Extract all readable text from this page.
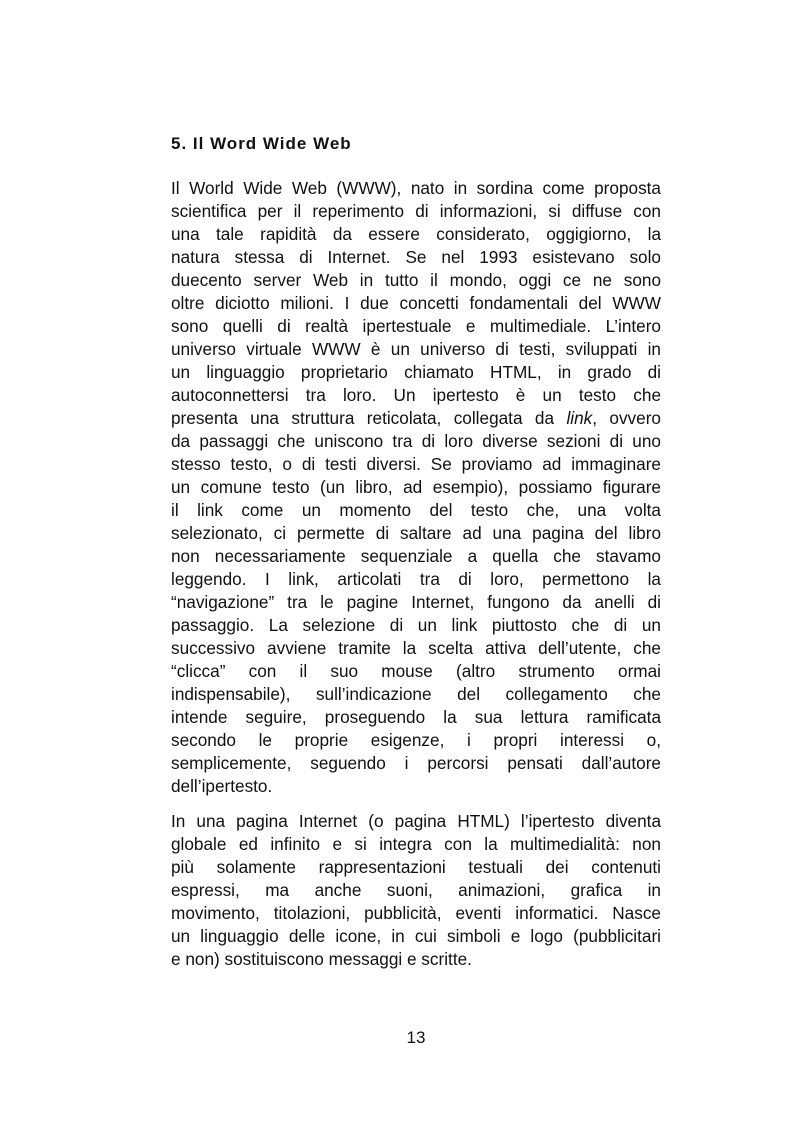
5. Il Word Wide Web
Il World Wide Web (WWW), nato in sordina come proposta
scientifica per il reperimento di informazioni, si diffuse con
una tale rapidità da essere considerato, oggigiorno, la
natura stessa di Internet. Se nel 1993 esistevano solo
duecento server Web in tutto il mondo, oggi ce ne sono
oltre diciotto milioni. I due concetti fondamentali del WWW
sono quelli di realtà ipertestuale e multimediale. L’intero
universo virtuale WWW è un universo di testi, sviluppati in
un linguaggio proprietario chiamato HTML, in grado di
autoconnettersi tra loro. Un ipertesto è un testo che
presenta una struttura reticolata, collegata da link, ovvero
da passaggi che uniscono tra di loro diverse sezioni di uno
stesso testo, o di testi diversi. Se proviamo ad immaginare
un comune testo (un libro, ad esempio), possiamo figurare
il link come un momento del testo che, una volta
selezionato, ci permette di saltare ad una pagina del libro
non necessariamente sequenziale a quella che stavamo
leggendo. I link, articolati tra di loro, permettono la
“navigazione” tra le pagine Internet, fungono da anelli di
passaggio. La selezione di un link piuttosto che di un
successivo avviene tramite la scelta attiva dell’utente, che
“clicca” con il suo mouse (altro strumento ormai
indispensabile), sull’indicazione del collegamento che
intende seguire, proseguendo la sua lettura ramificata
secondo le proprie esigenze, i propri interessi o,
semplicemente, seguendo i percorsi pensati dall’autore
dell’ipertesto.
In una pagina Internet (o pagina HTML) l’ipertesto diventa
globale ed infinito e si integra con la multimedialità: non
più solamente rappresentazioni testuali dei contenuti
espressi, ma anche suoni, animazioni, grafica in
movimento, titolazioni, pubblicità, eventi informatici. Nasce
un linguaggio delle icone, in cui simboli e logo (pubblicitari
e non) sostituiscono messaggi e scritte.
13
